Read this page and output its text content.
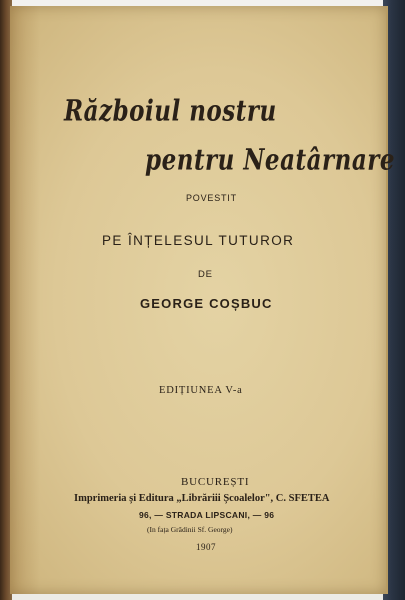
Războiul nostru
pentru Neatârnare
POVESTIT
PE ÎNȚELESUL TUTUROR
DE
GEORGE COȘBUC
EDIȚIUNEA V-a
BUCUREȘTI
Imprimeria și Editura „Librăriii Școalelor", C. SFETEA
96, — STRADA LIPSCANI, — 96
(In fața Grădinii Sf. George)
1907
